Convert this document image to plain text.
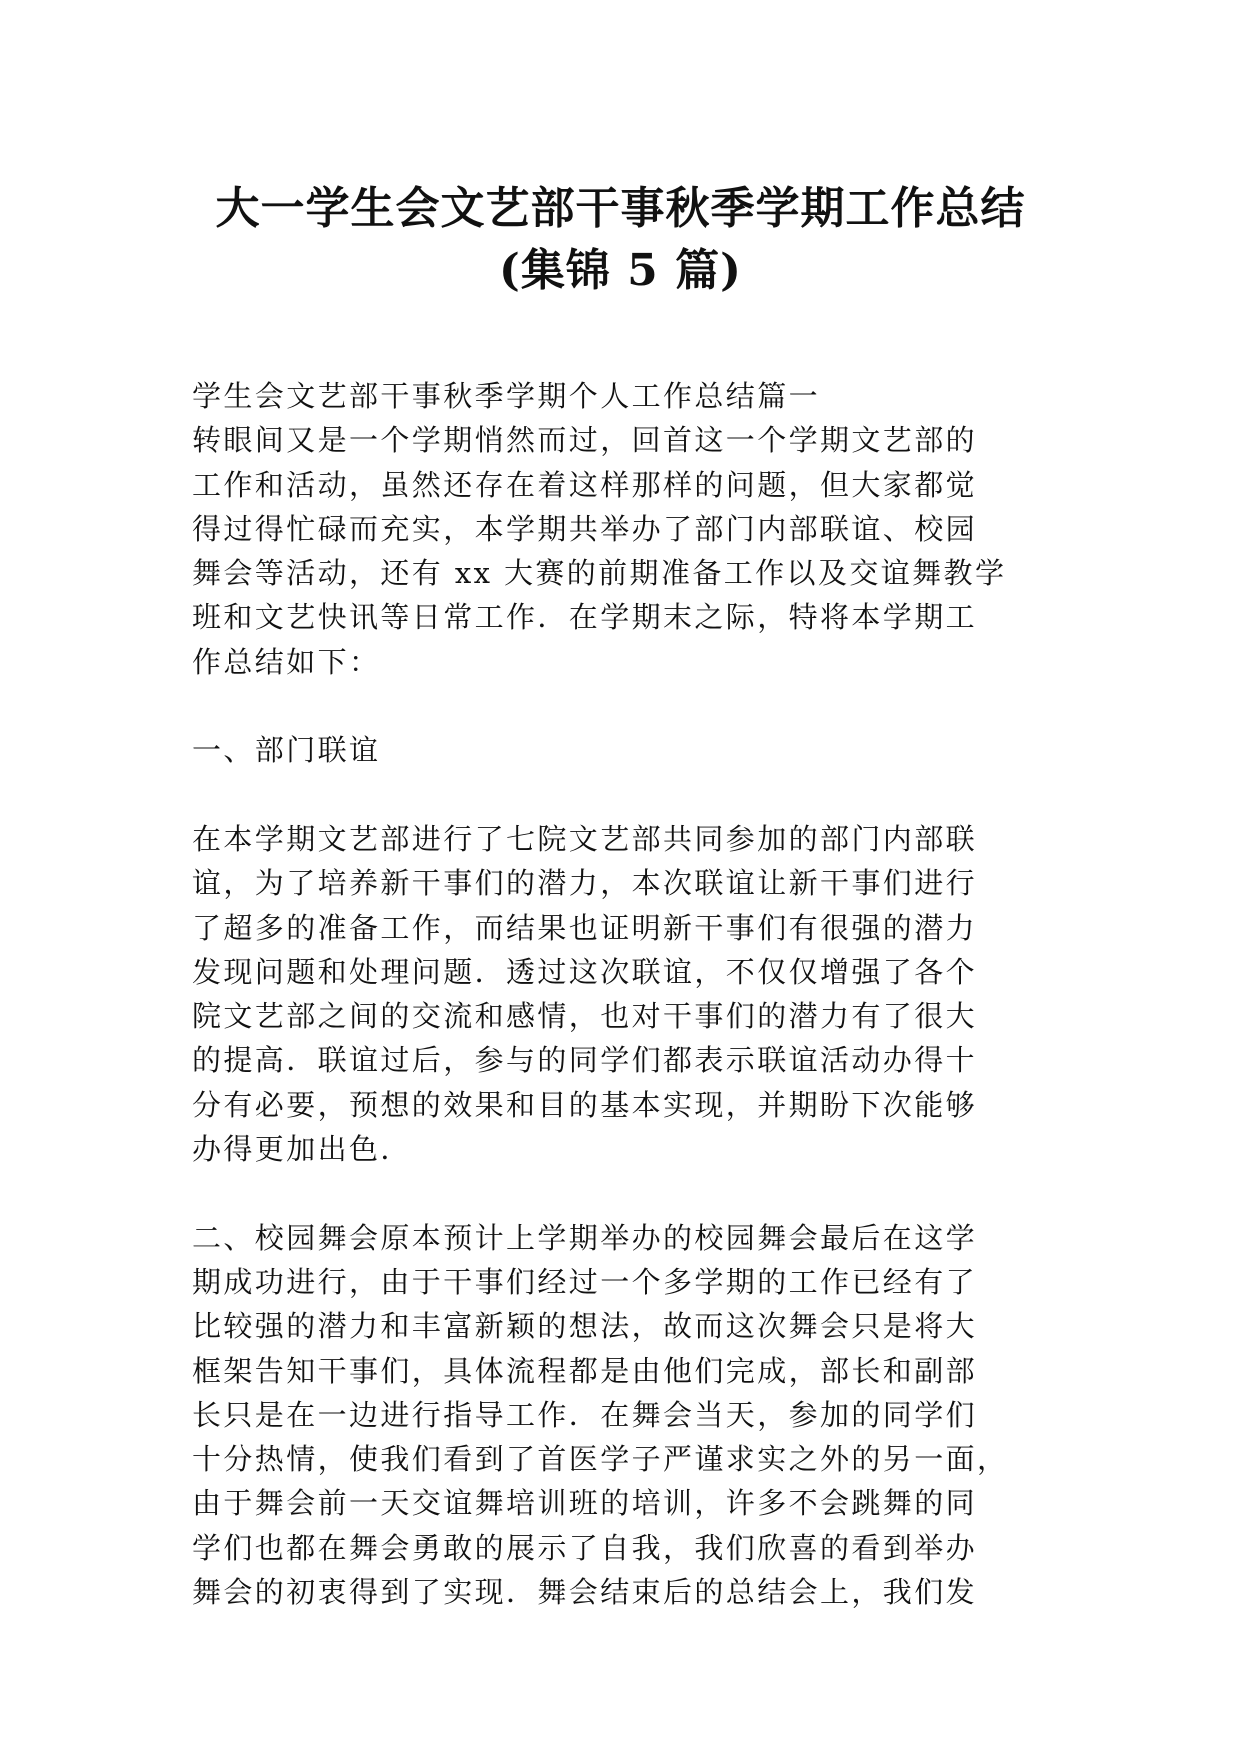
大一学生会文艺部干事秋季学期工作总结
(集锦 5 篇)
学生会文艺部干事秋季学期个人工作总结篇一
转眼间又是一个学期悄然而过，回首这一个学期文艺部的
工作和活动，虽然还存在着这样那样的问题，但大家都觉
得过得忙碌而充实，本学期共举办了部门内部联谊、校园
舞会等活动，还有 xx 大赛的前期准备工作以及交谊舞教学
班和文艺快讯等日常工作．在学期末之际，特将本学期工
作总结如下：
一、部门联谊
在本学期文艺部进行了七院文艺部共同参加的部门内部联
谊，为了培养新干事们的潜力，本次联谊让新干事们进行
了超多的准备工作，而结果也证明新干事们有很强的潜力
发现问题和处理问题．透过这次联谊，不仅仅增强了各个
院文艺部之间的交流和感情，也对干事们的潜力有了很大
的提高．联谊过后，参与的同学们都表示联谊活动办得十
分有必要，预想的效果和目的基本实现，并期盼下次能够
办得更加出色．
二、校园舞会原本预计上学期举办的校园舞会最后在这学
期成功进行，由于干事们经过一个多学期的工作已经有了
比较强的潜力和丰富新颖的想法，故而这次舞会只是将大
框架告知干事们，具体流程都是由他们完成，部长和副部
长只是在一边进行指导工作．在舞会当天，参加的同学们
十分热情，使我们看到了首医学子严谨求实之外的另一面，
由于舞会前一天交谊舞培训班的培训，许多不会跳舞的同
学们也都在舞会勇敢的展示了自我，我们欣喜的看到举办
舞会的初衷得到了实现．舞会结束后的总结会上，我们发
